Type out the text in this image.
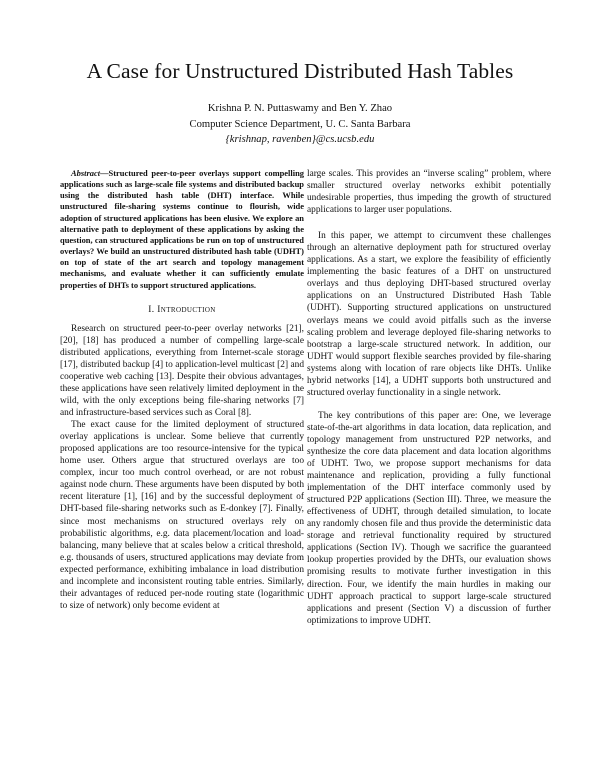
A Case for Unstructured Distributed Hash Tables
Krishna P. N. Puttaswamy and Ben Y. Zhao
Computer Science Department, U. C. Santa Barbara
{krishnap, ravenben}@cs.ucsb.edu

Abstract—Structured peer-to-peer overlays support compelling applications such as large-scale file systems and distributed backup using the distributed hash table (DHT) interface. While unstructured file-sharing systems continue to flourish, wide adoption of structured applications has been elusive. We explore an alternative path to deployment of these applications by asking the question, can structured applications be run on top of unstructured overlays? We build an unstructured distributed hash table (UDHT) on top of state of the art search and topology management mechanisms, and evaluate whether it can sufficiently emulate properties of DHTs to support structured applications.

I. Introduction

Research on structured peer-to-peer overlay networks [21], [20], [18] has produced a number of compelling large-scale distributed applications, everything from Internet-scale storage [17], distributed backup [4] to application-level multicast [2] and cooperative web caching [13]. Despite their obvious advantages, these applications have seen relatively limited deployment in the wild, with the only exceptions being file-sharing networks [7] and infrastructure-based services such as Coral [8].

The exact cause for the limited deployment of structured overlay applications is unclear. Some believe that currently proposed applications are too resource-intensive for the typical home user. Others argue that structured overlays are too complex, incur too much control overhead, or are not robust against node churn. These arguments have been disputed by both recent literature [1], [16] and by the successful deployment of DHT-based file-sharing networks such as E-donkey [7]. Finally, since most mechanisms on structured overlays rely on probabilistic algorithms, e.g. data placement/location and load-balancing, many believe that at scales below a critical threshold, e.g. thousands of users, structured applications may deviate from expected performance, exhibiting imbalance in load distribution and incomplete and inconsistent routing table entries. Similarly, their advantages of reduced per-node routing state (logarithmic to size of network) only become evident at

large scales. This provides an “inverse scaling” problem, where smaller structured overlay networks exhibit potentially undesirable properties, thus impeding the growth of structured applications to larger user populations.

In this paper, we attempt to circumvent these challenges through an alternative deployment path for structured overlay applications. As a start, we explore the feasibility of efficiently implementing the basic features of a DHT on unstructured overlays and thus deploying DHT-based structured overlay applications on an Unstructured Distributed Hash Table (UDHT). Supporting structured applications on unstructured overlays means we could avoid pitfalls such as the inverse scaling problem and leverage deployed file-sharing networks to bootstrap a large-scale structured network. In addition, our UDHT would support flexible searches provided by file-sharing systems along with location of rare objects like DHTs. Unlike hybrid networks [14], a UDHT supports both unstructured and structured overlay functionality in a single network.

The key contributions of this paper are: One, we leverage state-of-the-art algorithms in data location, data replication, and topology management from unstructured P2P networks, and synthesize the core data placement and data location algorithms of UDHT. Two, we propose support mechanisms for data maintenance and replication, providing a fully functional implementation of the DHT interface commonly used by structured P2P applications (Section III). Three, we measure the effectiveness of UDHT, through detailed simulation, to locate any randomly chosen file and thus provide the deterministic data storage and retrieval functionality required by structured applications (Section IV). Though we sacrifice the guaranteed lookup properties provided by the DHTs, our evaluation shows promising results to motivate further investigation in this direction. Four, we identify the main hurdles in making our UDHT approach practical to support large-scale structured applications and present (Section V) a discussion of further optimizations to improve UDHT.
